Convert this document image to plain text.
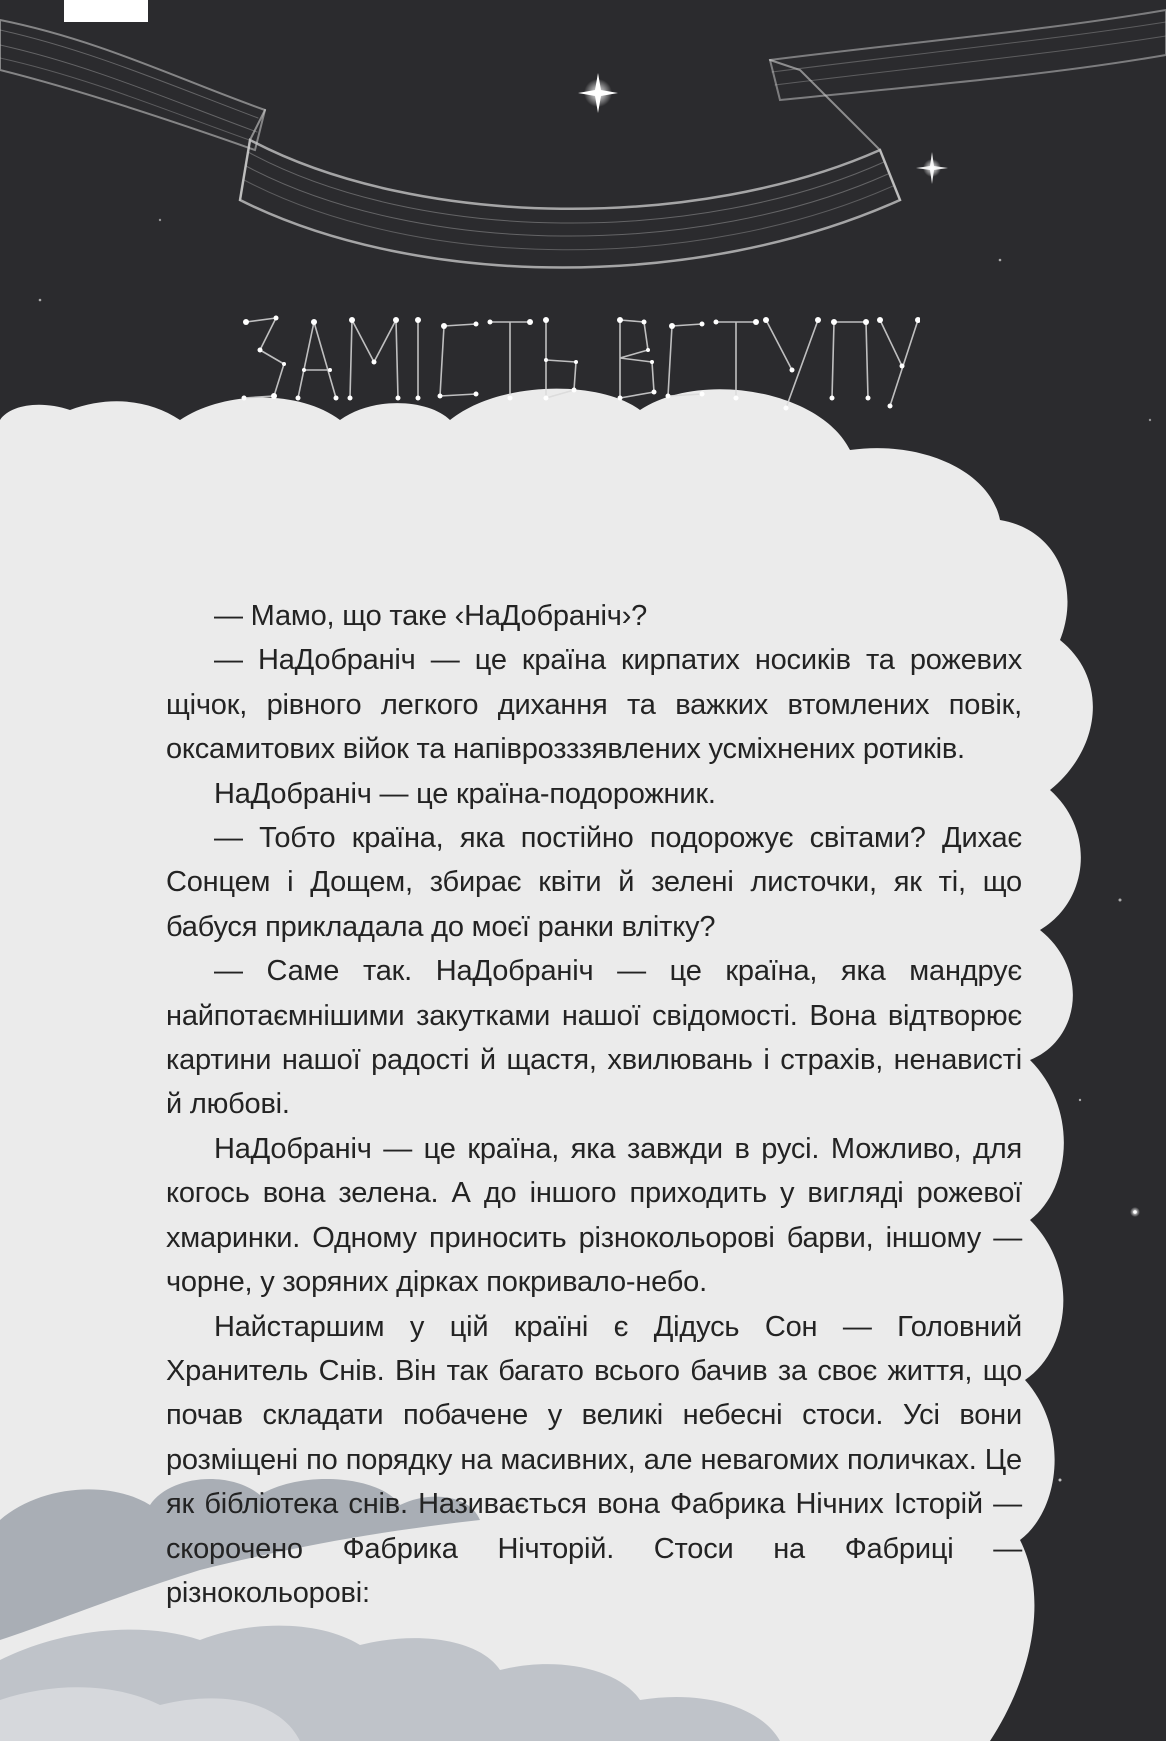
— Мамо, що таке ‹НаДобраніч›?

— НаДобраніч — це країна кирпатих носиків та рожевих щічок, рівного легкого дихання та важких втомлених повік, оксамитових війок та напіврозззявлених усміхнених ротиків.

НаДобраніч — це країна-подорожник.

— Тобто країна, яка постійно подорожує світами? Дихає Сонцем і Дощем, збирає квіти й зелені листочки, як ті, що бабуся прикладала до моєї ранки влітку?

— Саме так. НаДобраніч — це країна, яка мандрує найпотаємнішими закутками нашої свідомості. Вона відтворює картини нашої радості й щастя, хвилювань і страхів, ненависті й любові.

НаДобраніч — це країна, яка завжди в русі. Можливо, для когось вона зелена. А до іншого приходить у вигляді рожевої хмаринки. Одному приносить різнокольорові барви, іншому — чорне, у зоряних дірках покривало-небо.

Найстаршим у цій країні є Дідусь Сон — Головний Хранитель Снів. Він так багато всього бачив за своє життя, що почав складати побачене у великі небесні стоси. Усі вони розміщені по порядку на масивних, але невагомих поличках. Це як бібліотека снів. Називається вона Фабрика Нічних Історій — скорочено Фабрика Нічторій. Стоси на Фабриці — різнокольорові:
